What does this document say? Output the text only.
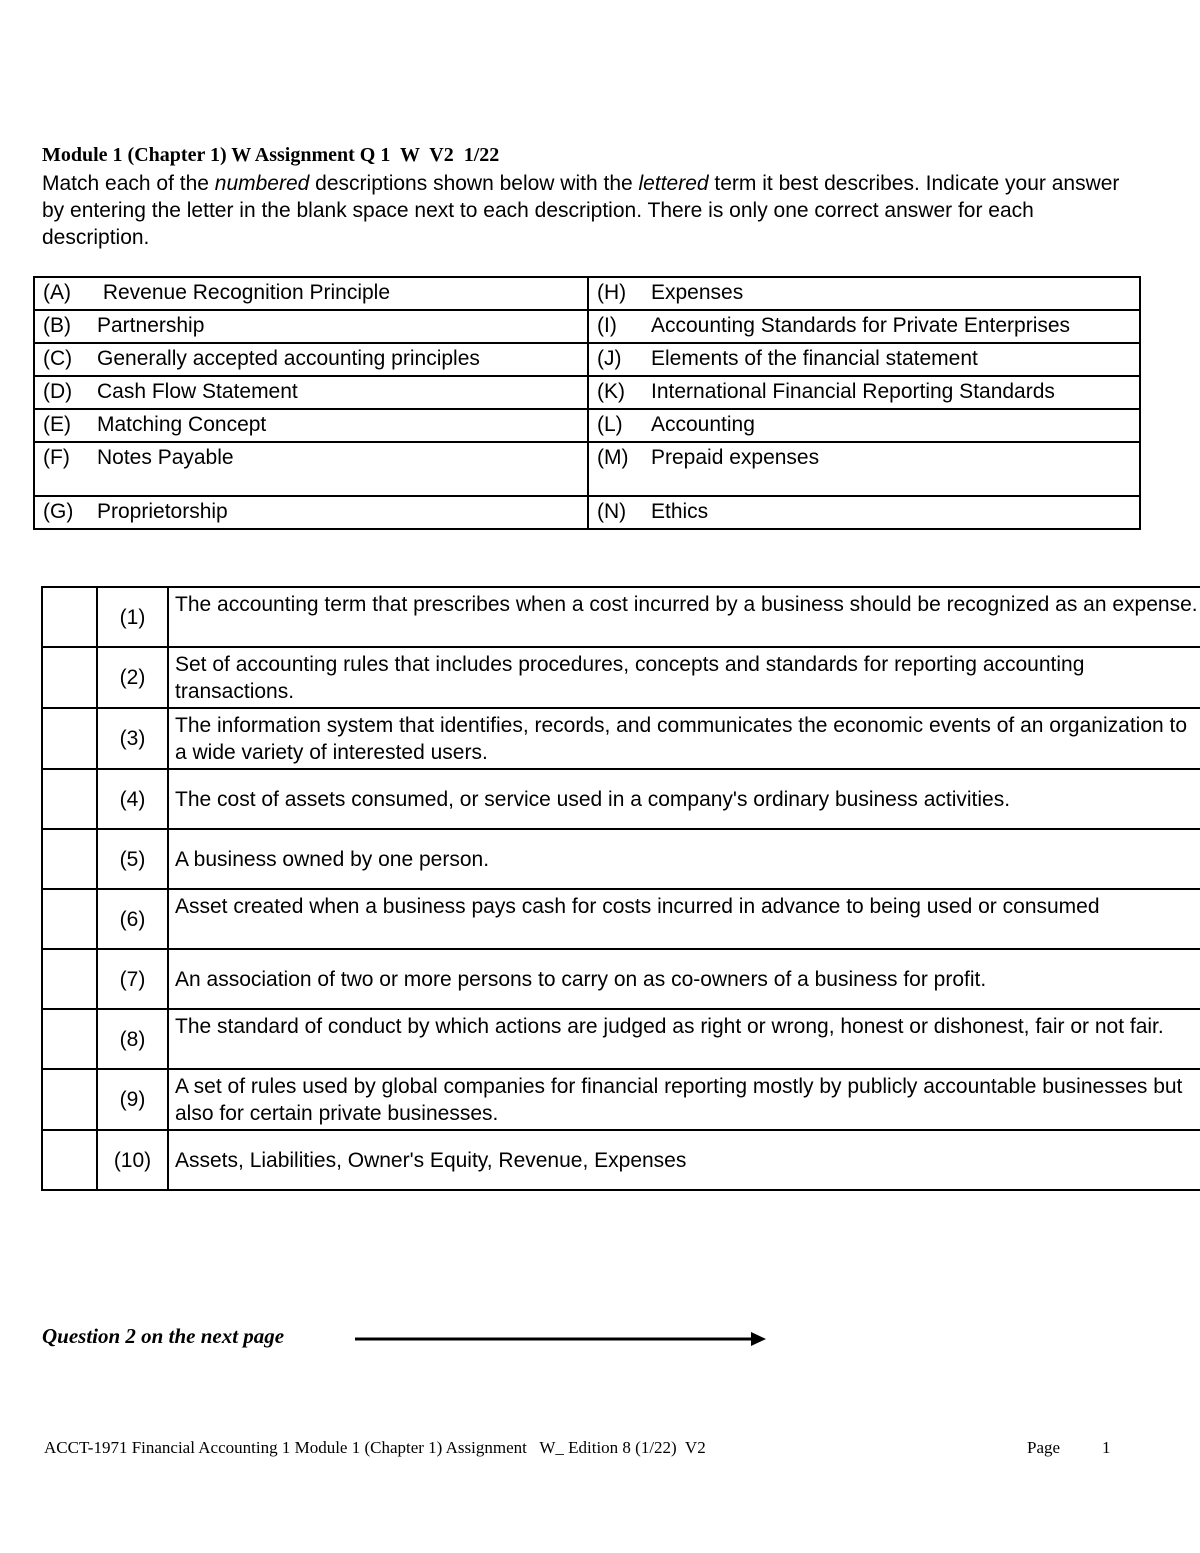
Module 1 (Chapter 1) W Assignment Q 1  W  V2  1/22
Match each of the numbered descriptions shown below with the lettered term it best describes. Indicate your answer by entering the letter in the blank space next to each description. There is only one correct answer for each description.
(A) Revenue Recognition Principle	(H) Expenses
(B) Partnership	(I) Accounting Standards for Private Enterprises
(C) Generally accepted accounting principles	(J) Elements of the financial statement
(D) Cash Flow Statement	(K) International Financial Reporting Standards
(E) Matching Concept	(L) Accounting
(F) Notes Payable	(M) Prepaid expenses
(G) Proprietorship	(N) Ethics
	(1)	The accounting term that prescribes when a cost incurred by a business should be recognized as an expense.
	(2)	Set of accounting rules that includes procedures, concepts and standards for reporting accounting transactions.
	(3)	The information system that identifies, records, and communicates the economic events of an organization to a wide variety of interested users.
	(4)	The cost of assets consumed, or service used in a company's ordinary business activities.
	(5)	A business owned by one person.
	(6)	Asset created when a business pays cash for costs incurred in advance to being used or consumed
	(7)	An association of two or more persons to carry on as co-owners of a business for profit.
	(8)	The standard of conduct by which actions are judged as right or wrong, honest or dishonest, fair or not fair.
	(9)	A set of rules used by global companies for financial reporting mostly by publicly accountable businesses but also for certain private businesses.
	(10)	Assets, Liabilities, Owner's Equity, Revenue, Expenses
Question 2 on the next page
ACCT-1971 Financial Accounting 1 Module 1 (Chapter 1) Assignment   W_ Edition 8 (1/22)  V2	Page 1
